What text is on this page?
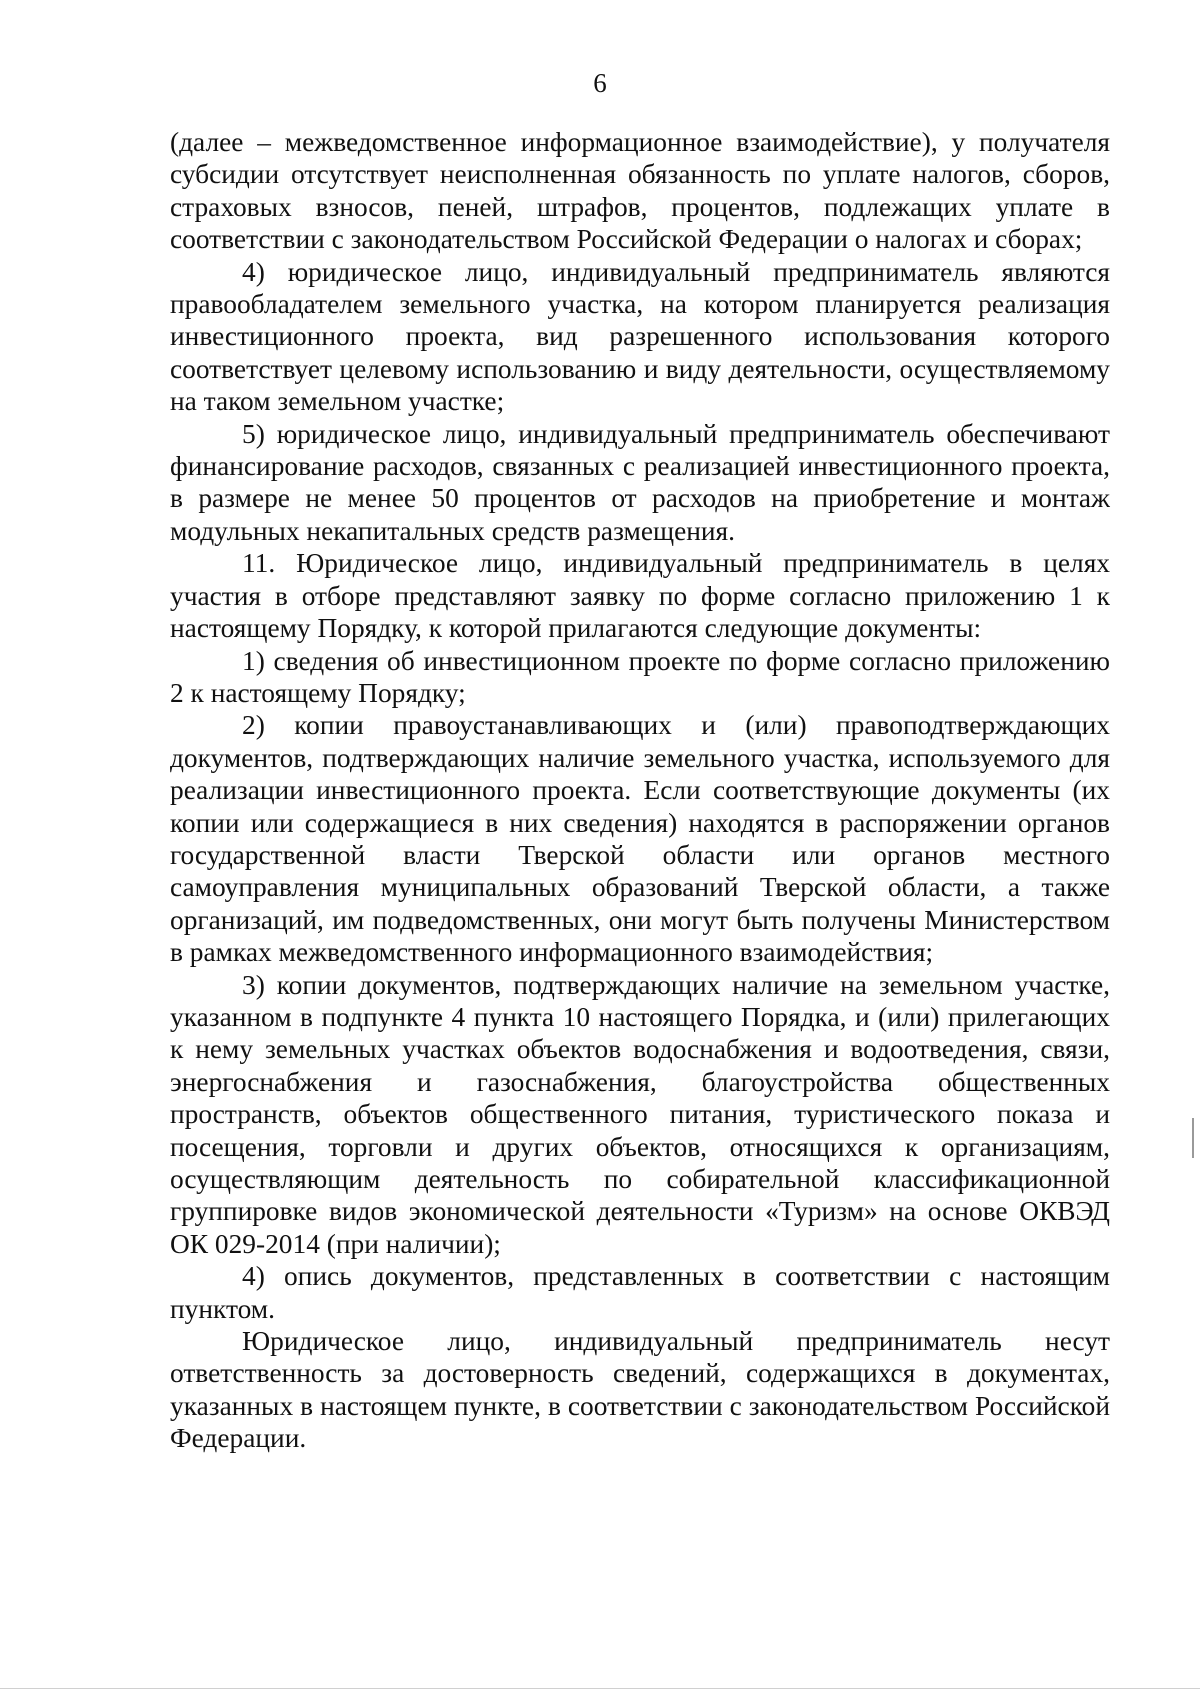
6

(далее – межведомственное информационное взаимодействие), у получателя субсидии отсутствует неисполненная обязанность по уплате налогов, сборов, страховых взносов, пеней, штрафов, процентов, подлежащих уплате в соответствии с законодательством Российской Федерации о налогах и сборах;

4) юридическое лицо, индивидуальный предприниматель являются правообладателем земельного участка, на котором планируется реализация инвестиционного проекта, вид разрешенного использования которого соответствует целевому использованию и виду деятельности, осуществляемому на таком земельном участке;

5) юридическое лицо, индивидуальный предприниматель обеспечивают финансирование расходов, связанных с реализацией инвестиционного проекта, в размере не менее 50 процентов от расходов на приобретение и монтаж модульных некапитальных средств размещения.

11. Юридическое лицо, индивидуальный предприниматель в целях участия в отборе представляют заявку по форме согласно приложению 1 к настоящему Порядку, к которой прилагаются следующие документы:

1) сведения об инвестиционном проекте по форме согласно приложению 2 к настоящему Порядку;

2) копии правоустанавливающих и (или) правоподтверждающих документов, подтверждающих наличие земельного участка, используемого для реализации инвестиционного проекта. Если соответствующие документы (их копии или содержащиеся в них сведения) находятся в распоряжении органов государственной власти Тверской области или органов местного самоуправления муниципальных образований Тверской области, а также организаций, им подведомственных, они могут быть получены Министерством в рамках межведомственного информационного взаимодействия;

3) копии документов, подтверждающих наличие на земельном участке, указанном в подпункте 4 пункта 10 настоящего Порядка, и (или) прилегающих к нему земельных участках объектов водоснабжения и водоотведения, связи, энергоснабжения и газоснабжения, благоустройства общественных пространств, объектов общественного питания, туристического показа и посещения, торговли и других объектов, относящихся к организациям, осуществляющим деятельность по собирательной классификационной группировке видов экономической деятельности «Туризм» на основе ОКВЭД ОК 029-2014 (при наличии);

4) опись документов, представленных в соответствии с настоящим пунктом.

Юридическое лицо, индивидуальный предприниматель несут ответственность за достоверность сведений, содержащихся в документах, указанных в настоящем пункте, в соответствии с законодательством Российской Федерации.
